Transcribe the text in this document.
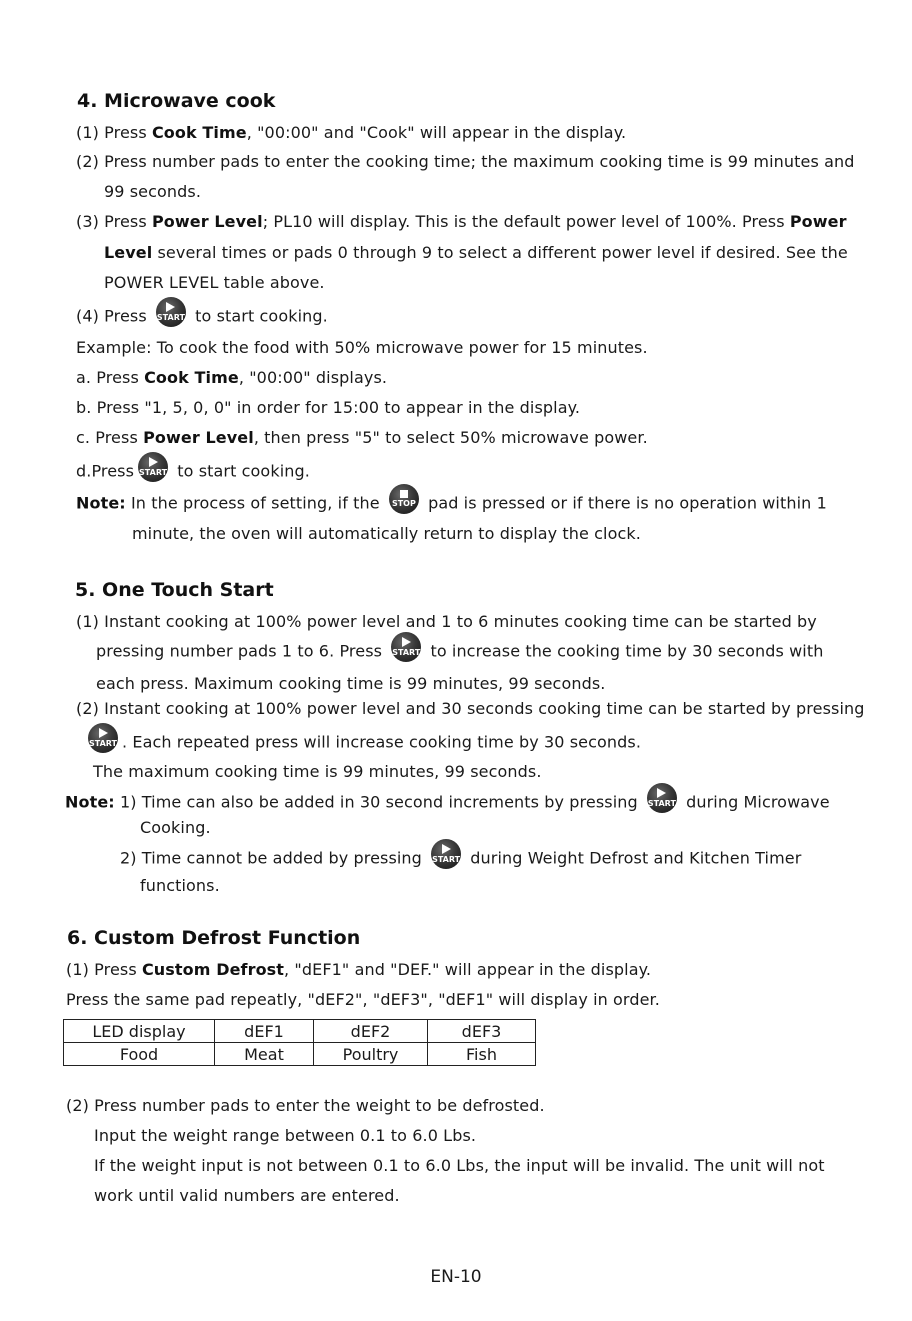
4. Microwave cook
(1) Press Cook Time, "00:00" and "Cook" will appear in the display.
(2) Press number pads to enter the cooking time; the maximum cooking time is 99 minutes and
99 seconds.
(3) Press Power Level; PL10 will display. This is the default power level of 100%. Press Power
Level several times or pads 0 through 9 to select a different power level if desired. See the
POWER LEVEL table above.
(4) Press START to start cooking.
Example: To cook the food with 50% microwave power for 15 minutes.
a. Press Cook Time, "00:00" displays.
b. Press "1, 5, 0, 0" in order for 15:00 to appear in the display.
c. Press Power Level, then press "5" to select 50% microwave power.
d.Press START to start cooking.
Note: In the process of setting, if the STOP pad is pressed or if there is no operation within 1
minute, the oven will automatically return to display the clock.
5. One Touch Start
(1) Instant cooking at 100% power level and 1 to 6 minutes cooking time can be started by
pressing number pads 1 to 6. Press START to increase the cooking time by 30 seconds with
each press. Maximum cooking time is 99 minutes, 99 seconds.
(2) Instant cooking at 100% power level and 30 seconds cooking time can be started by pressing
START . Each repeated press will increase cooking time by 30 seconds.
The maximum cooking time is 99 minutes, 99 seconds.
Note: 1) Time can also be added in 30 second increments by pressing START during Microwave
Cooking.
2) Time cannot be added by pressing START during Weight Defrost and Kitchen Timer
functions.
6. Custom Defrost Function
(1) Press Custom Defrost, "dEF1" and "DEF." will appear in the display.
Press the same pad repeatly, "dEF2", "dEF3", "dEF1" will display in order.
LED display	dEF1	dEF2	dEF3
Food	Meat	Poultry	Fish
(2) Press number pads to enter the weight to be defrosted.
Input the weight range between 0.1 to 6.0 Lbs.
If the weight input is not between 0.1 to 6.0 Lbs, the input will be invalid. The unit will not
work until valid numbers are entered.
EN-10
